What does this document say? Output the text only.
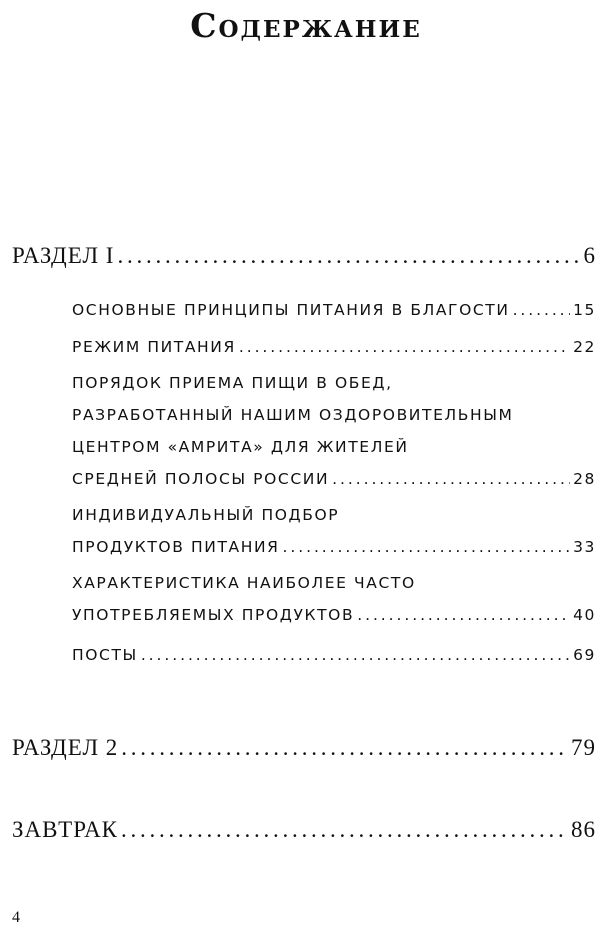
Содержание
РАЗДЕЛ I . . .	6
ОСНОВНЫЕ ПРИНЦИПЫ ПИТАНИЯ В БЛАГОСТИ . . .	15
РЕЖИМ ПИТАНИЯ . . .	22
ПОРЯДОК ПРИЕМА ПИЩИ В ОБЕД,
РАЗРАБОТАННЫЙ НАШИМ ОЗДОРОВИТЕЛЬНЫМ
ЦЕНТРОМ «АМРИТА» ДЛЯ ЖИТЕЛЕЙ
СРЕДНЕЙ ПОЛОСЫ РОССИИ . . .	28
ИНДИВИДУАЛЬНЫЙ ПОДБОР
ПРОДУКТОВ ПИТАНИЯ . . .	33
ХАРАКТЕРИСТИКА НАИБОЛЕЕ ЧАСТО
УПОТРЕБЛЯЕМЫХ ПРОДУКТОВ . . .	40
ПОСТЫ . . .	69
РАЗДЕЛ 2 . . .	79
ЗАВТРАК . . .	86
4
